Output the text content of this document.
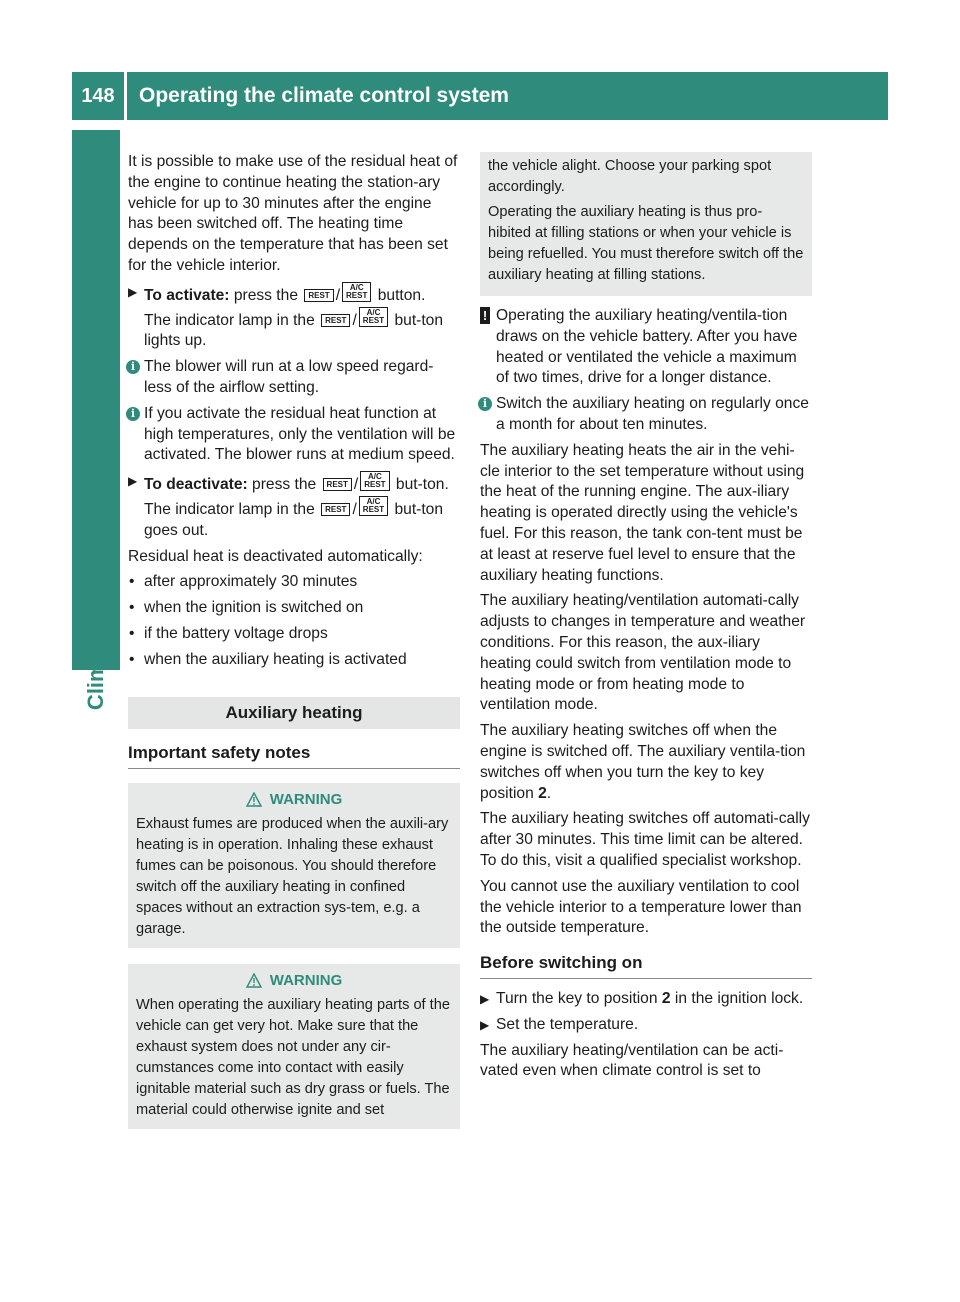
148	Operating the climate control system
Climate control

It is possible to make use of the residual heat of the engine to continue heating the station-ary vehicle for up to 30 minutes after the engine has been switched off. The heating time depends on the temperature that has been set for the vehicle interior.

▶ To activate: press the REST / A/C
REST button.
The indicator lamp in the REST / A/C
REST but-ton lights up.

i The blower will run at a low speed regard-less of the airflow setting.

i If you activate the residual heat function at high temperatures, only the ventilation will be activated. The blower runs at medium speed.

▶ To deactivate: press the REST / A/C
REST but-ton.
The indicator lamp in the REST / A/C
REST but-ton goes out.

Residual heat is deactivated automatically:

• after approximately 30 minutes

• when the ignition is switched on

• if the battery voltage drops

• when the auxiliary heating is activated

Auxiliary heating
Important safety notes
WARNING
Exhaust fumes are produced when the auxili-ary heating is in operation. Inhaling these exhaust fumes can be poisonous. You should therefore switch off the auxiliary heating in confined spaces without an extraction sys-tem, e.g. a garage.
WARNING
When operating the auxiliary heating parts of the vehicle can get very hot. Make sure that the exhaust system does not under any cir-cumstances come into contact with easily ignitable material such as dry grass or fuels. The material could otherwise ignite and set

the vehicle alight. Choose your parking spot accordingly.

Operating the auxiliary heating is thus pro-hibited at filling stations or when your vehicle is being refuelled. You must therefore switch off the auxiliary heating at filling stations.

! Operating the auxiliary heating/ventila-tion draws on the vehicle battery. After you have heated or ventilated the vehicle a maximum of two times, drive for a longer distance.

i Switch the auxiliary heating on regularly once a month for about ten minutes.

The auxiliary heating heats the air in the vehi-cle interior to the set temperature without using the heat of the running engine. The aux-iliary heating is operated directly using the vehicle's fuel. For this reason, the tank con-tent must be at least at reserve fuel level to ensure that the auxiliary heating functions.

The auxiliary heating/ventilation automati-cally adjusts to changes in temperature and weather conditions. For this reason, the aux-iliary heating could switch from ventilation mode to heating mode or from heating mode to ventilation mode.

The auxiliary heating switches off when the engine is switched off. The auxiliary ventila-tion switches off when you turn the key to key position 2.

The auxiliary heating switches off automati-cally after 30 minutes. This time limit can be altered. To do this, visit a qualified specialist workshop.

You cannot use the auxiliary ventilation to cool the vehicle interior to a temperature lower than the outside temperature.

Before switching on

▶ Turn the key to position 2 in the ignition lock.

▶ Set the temperature.

The auxiliary heating/ventilation can be acti-vated even when climate control is set to
